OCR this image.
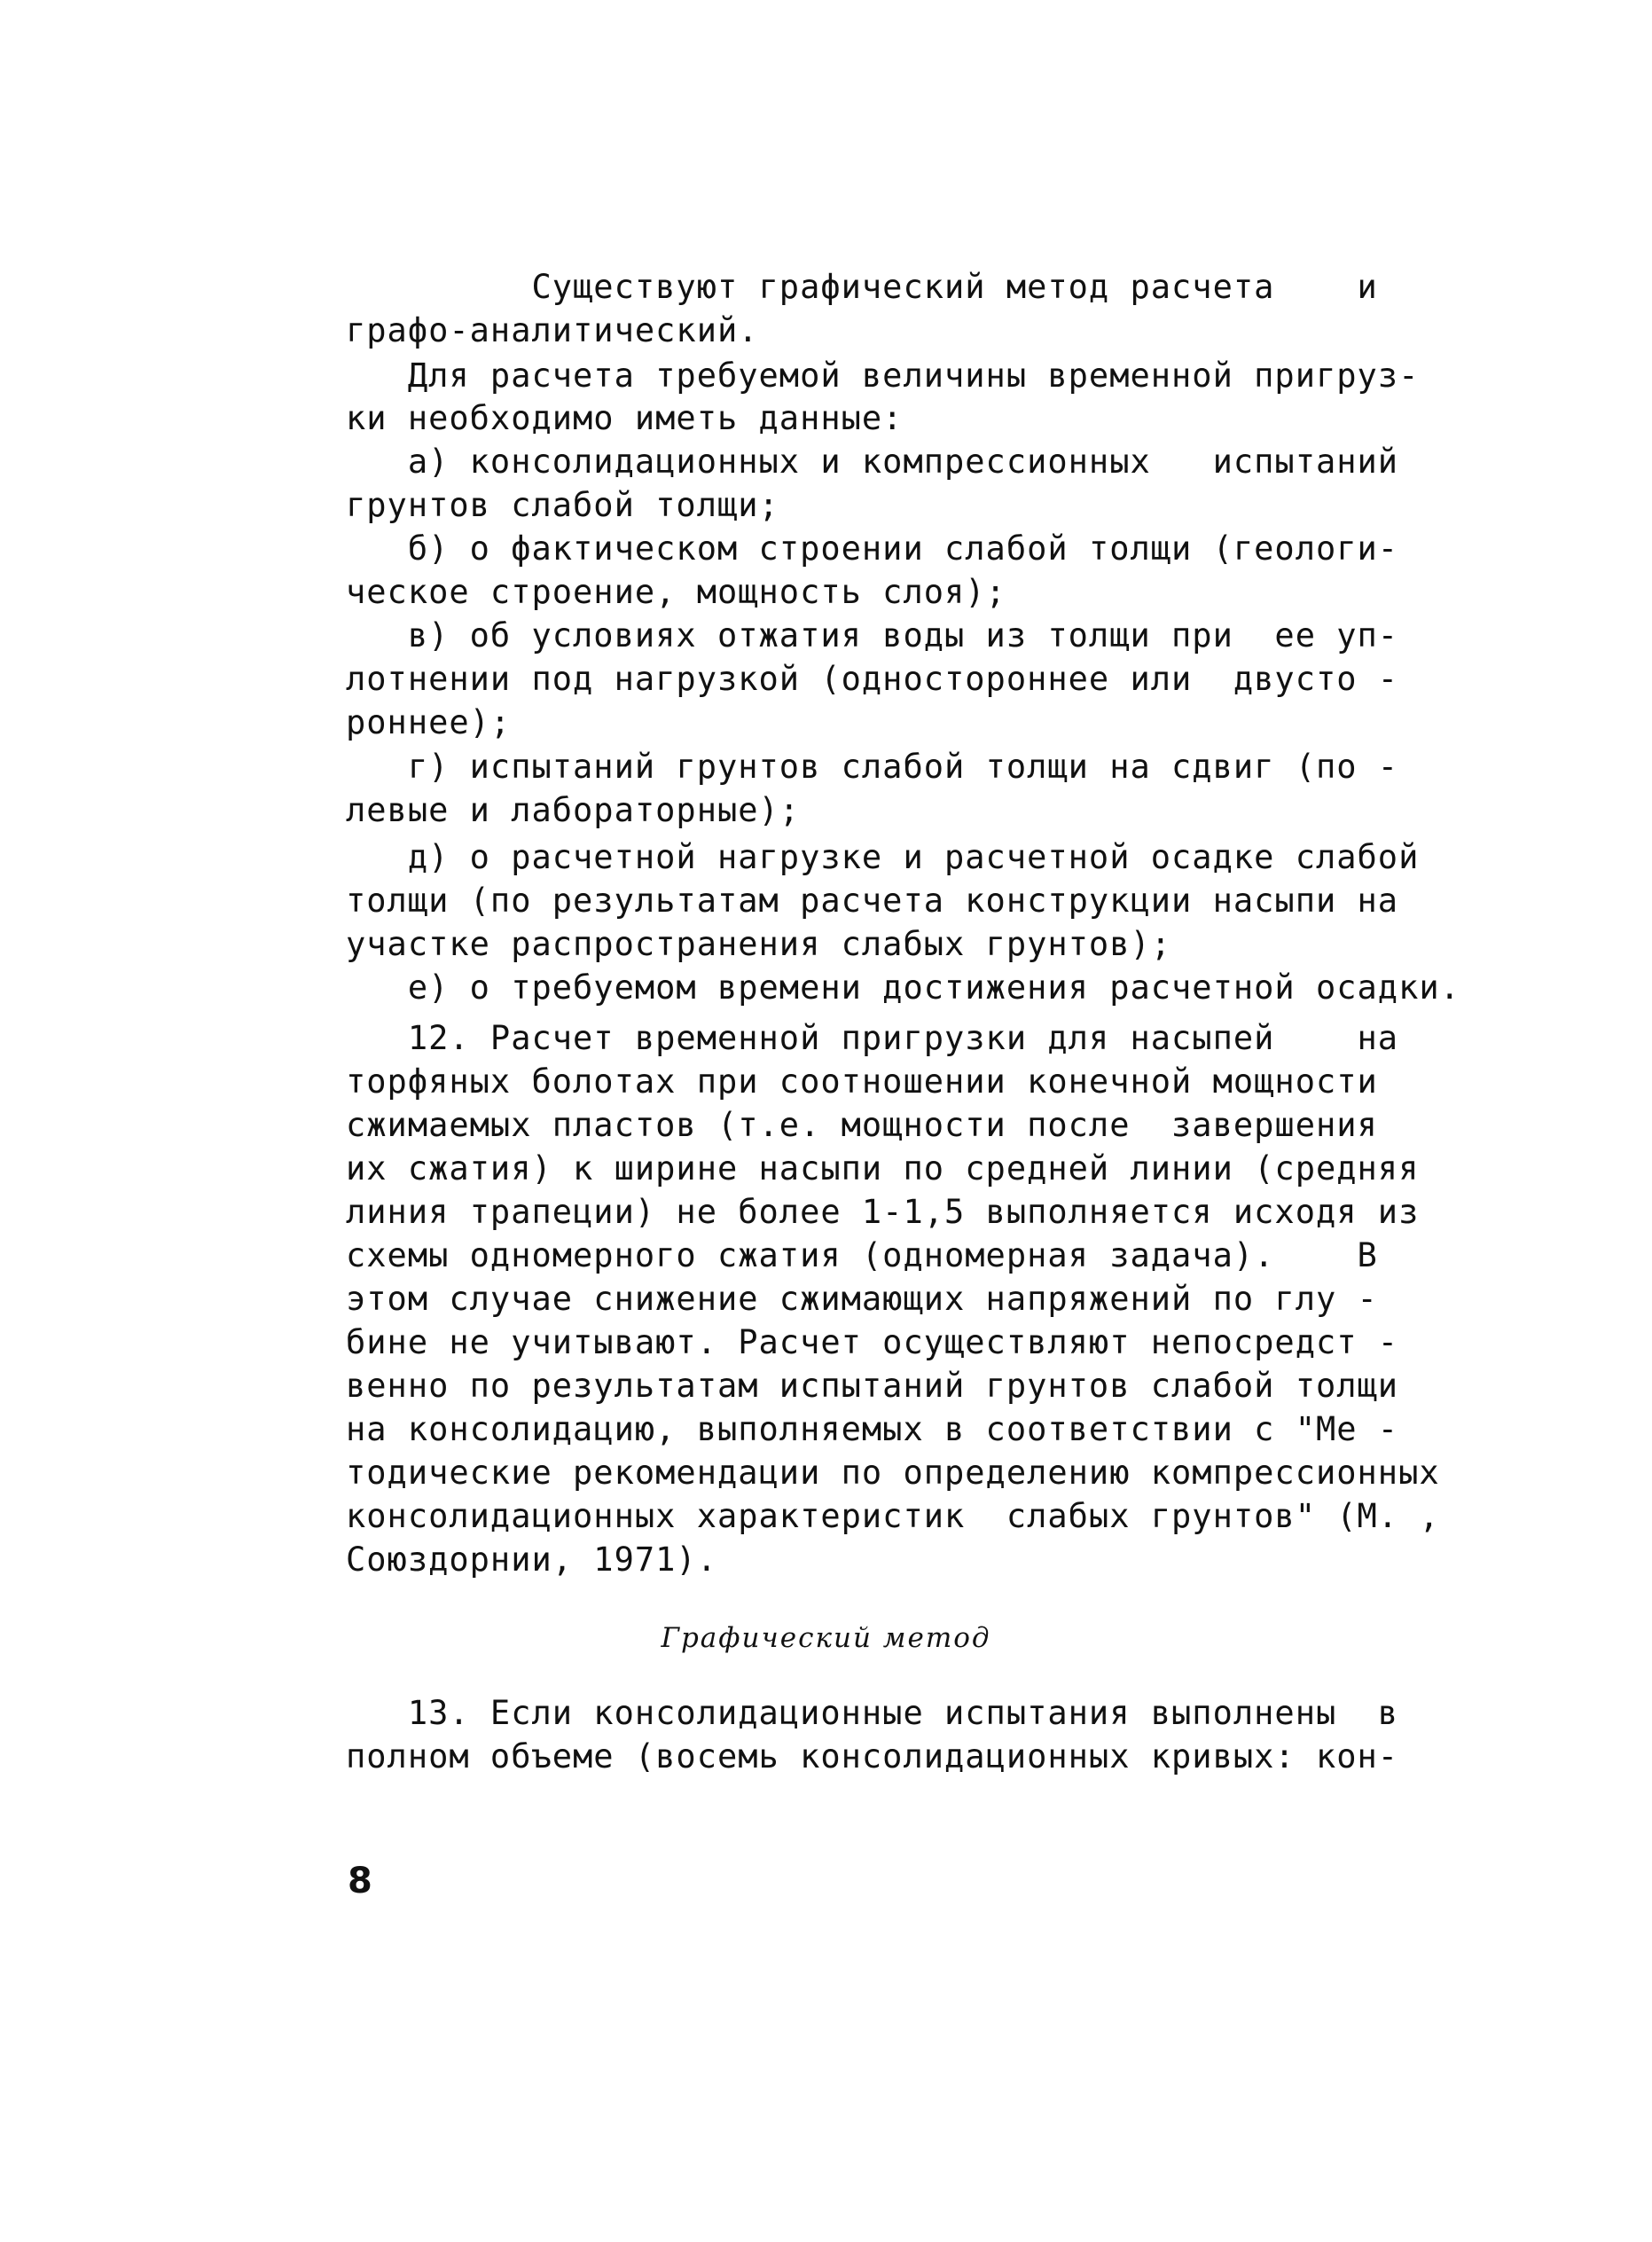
Существуют графический метод расчета    и
графо-аналитический.
Для расчета требуемой величины временной пригруз-
ки необходимо иметь данные:
а) консолидационных и компрессионных   испытаний
грунтов слабой толщи;
б) о фактическом строении слабой толщи (геологи-
ческое строение, мощность слоя);
в) об условиях отжатия воды из толщи при  ее уп-
лотнении под нагрузкой (одностороннее или  двусто -
роннее);
г) испытаний грунтов слабой толщи на сдвиг (по -
левые и лабораторные);
д) о расчетной нагрузке и расчетной осадке слабой
толщи (по результатам расчета конструкции насыпи на
участке распространения слабых грунтов);
е) о требуемом времени достижения расчетной осадки.
12. Расчет временной пригрузки для насыпей    на
торфяных болотах при соотношении конечной мощности
сжимаемых пластов (т.е. мощности после  завершения
их сжатия) к ширине насыпи по средней линии (средняя
линия трапеции) не более 1-1,5 выполняется исходя из
схемы одномерного сжатия (одномерная задача).    В
этом случае снижение сжимающих напряжений по глу -
бине не учитывают. Расчет осуществляют непосредст -
венно по результатам испытаний грунтов слабой толщи
на консолидацию, выполняемых в соответствии с "Ме -
тодические рекомендации по определению компрессионных
консолидационных характеристик  слабых грунтов" (М. ,
Союздорнии, 1971).
Графический метод
13. Если консолидационные испытания выполнены  в
полном объеме (восемь консолидационных кривых: кон-
8
